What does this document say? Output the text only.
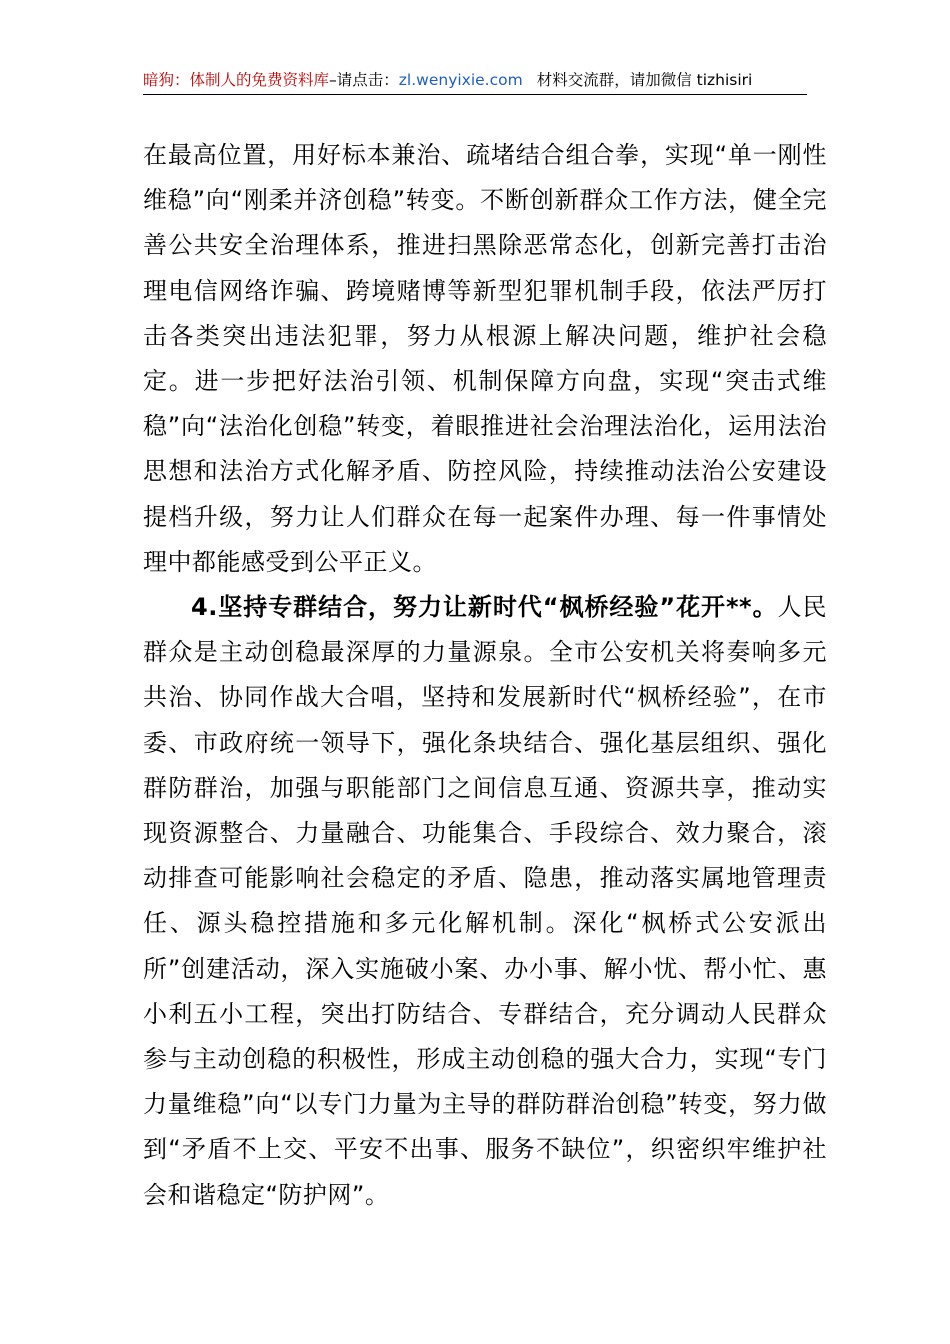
暗狗：体制人的免费资料库–请点击：zl.wenyixie.com 材料交流群，请加微信 tizhisiri

在最高位置，用好标本兼治、疏堵结合组合拳，实现“单一刚性维稳”向“刚柔并济创稳”转变。不断创新群众工作方法，健全完善公共安全治理体系，推进扫黑除恶常态化，创新完善打击治理电信网络诈骗、跨境赌博等新型犯罪机制手段，依法严厉打击各类突出违法犯罪，努力从根源上解决问题，维护社会稳定。进一步把好法治引领、机制保障方向盘，实现“突击式维稳”向“法治化创稳”转变，着眼推进社会治理法治化，运用法治思想和法治方式化解矛盾、防控风险，持续推动法治公安建设提档升级，努力让人们群众在每一起案件办理、每一件事情处理中都能感受到公平正义。

4.坚持专群结合，努力让新时代“枫桥经验”花开**。人民群众是主动创稳最深厚的力量源泉。全市公安机关将奏响多元共治、协同作战大合唱，坚持和发展新时代“枫桥经验”，在市委、市政府统一领导下，强化条块结合、强化基层组织、强化群防群治，加强与职能部门之间信息互通、资源共享，推动实现资源整合、力量融合、功能集合、手段综合、效力聚合，滚动排查可能影响社会稳定的矛盾、隐患，推动落实属地管理责任、源头稳控措施和多元化解机制。深化“枫桥式公安派出所”创建活动，深入实施破小案、办小事、解小忧、帮小忙、惠小利五小工程，突出打防结合、专群结合，充分调动人民群众参与主动创稳的积极性，形成主动创稳的强大合力，实现“专门力量维稳”向“以专门力量为主导的群防群治创稳”转变，努力做到“矛盾不上交、平安不出事、服务不缺位”，织密织牢维护社会和谐稳定“防护网”。
